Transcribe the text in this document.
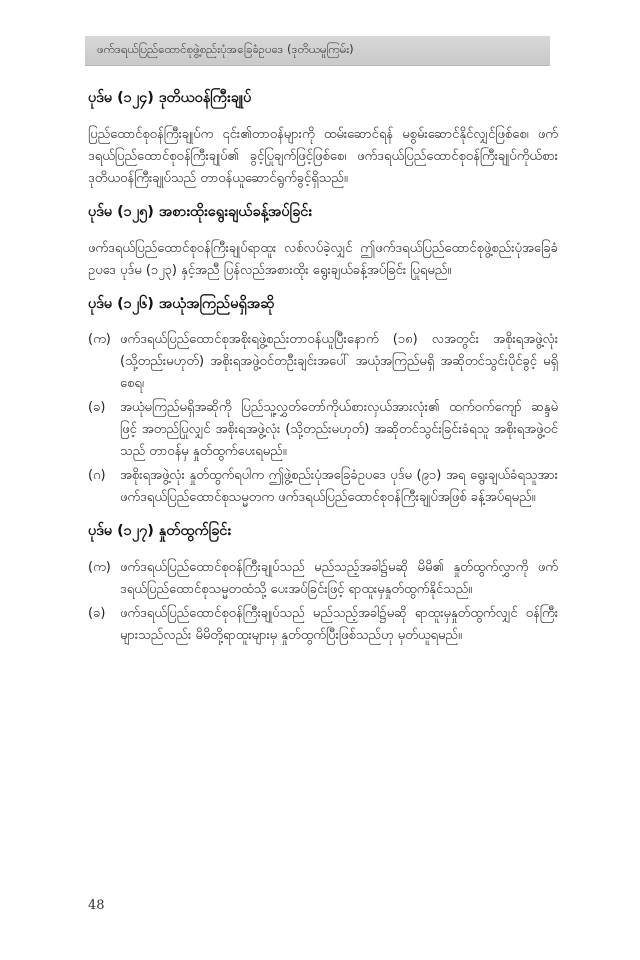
ဖက်ဒရယ်ပြည်ထောင်စုဖွဲ့စည်းပုံအခြေခံဥပဒေ (ဒုတိယမူကြမ်း)
ပုဒ်မ (၁၂၄) ဒုတိယဝန်ကြီးချုပ်

ပြည်ထောင်စုဝန်ကြီးချုပ်က ၎င်း၏တာဝန်များကို ထမ်းဆောင်ရန် မစွမ်းဆောင်နိုင်လျှင်ဖြစ်စေ၊ ဖက်ဒရယ်ပြည်ထောင်စုဝန်ကြီးချုပ်၏ ခွင့်ပြုချက်ဖြင့်ဖြစ်စေ၊ ဖက်ဒရယ်ပြည်ထောင်စုဝန်ကြီးချုပ်ကိုယ်စား ဒုတိယဝန်ကြီးချုပ်သည် တာဝန်ယူဆောင်ရွက်ခွင့်ရှိသည်။

ပုဒ်မ (၁၂၅) အစားထိုးရွေးချယ်ခန့်အပ်ခြင်း

ဖက်ဒရယ်ပြည်ထောင်စုဝန်ကြီးချုပ်ရာထူး လစ်လပ်ခဲ့လျှင် ဤဖက်ဒရယ်ပြည်ထောင်စုဖွဲ့စည်းပုံအခြေခံဥပဒေ ပုဒ်မ (၁၂၃) နှင့်အညီ ပြန်လည်အစားထိုး ရွေးချယ်ခန့်အပ်ခြင်း ပြုရမည်။

ပုဒ်မ (၁၂၆) အယုံအကြည်မရှိအဆို
(က) ဖက်ဒရယ်ပြည်ထောင်စုအစိုးရဖွဲ့စည်းတာဝန်ယူပြီးနောက် (၁၈) လအတွင်း အစိုးရအဖွဲ့လုံး (သို့တည်းမဟုတ်) အစိုးရအဖွဲ့ဝင်တဦးချင်းအပေါ် အယုံအကြည်မရှိ အဆိုတင်သွင်းပိုင်ခွင့် မရှိစေရ၊
(ခ)	အယုံမကြည်မရှိအဆိုကို ပြည်သူ့လွှတ်တော်ကိုယ်စားလှယ်အားလုံး၏ ထက်ဝက်ကျော် ဆန္ဒမဲဖြင့် အတည်ပြုလျှင် အစိုးရအဖွဲ့လုံး (သို့တည်းမဟုတ်) အဆိုတင်သွင်းခြင်းခံရသူ အစိုးရအဖွဲ့ဝင်သည် တာဝန်မှ နှုတ်ထွက်ပေးရမည်။
(ဂ)	အစိုးရအဖွဲ့လုံး နှုတ်ထွက်ရပါက ဤဖွဲ့စည်းပုံအခြေခံဥပဒေ ပုဒ်မ (၉၁) အရ ရွေးချယ်ခံရသူအား ဖက်ဒရယ်ပြည်ထောင်စုသမ္မတက ဖက်ဒရယ်ပြည်ထောင်စုဝန်ကြီးချုပ်အဖြစ် ခန့်အပ်ရမည်။
ပုဒ်မ (၁၂၇) နှုတ်ထွက်ခြင်း
(က) ဖက်ဒရယ်ပြည်ထောင်စုဝန်ကြီးချုပ်သည် မည်သည့်အခါ၌မဆို မိမိ၏ နှုတ်ထွက်လွှာကို ဖက်ဒရယ်ပြည်ထောင်စုသမ္မတထံသို့ ပေးအပ်ခြင်းဖြင့် ရာထူးမှနှုတ်ထွက်နိုင်သည်။
(ခ)	ဖက်ဒရယ်ပြည်ထောင်စုဝန်ကြီးချုပ်သည် မည်သည့်အခါ၌မဆို ရာထူးမှနှုတ်ထွက်လျှင် ဝန်ကြီးများသည်လည်း မိမိတို့ရာထူးများမှ နှုတ်ထွက်ပြီးဖြစ်သည်ဟု မှတ်ယူရမည်။
48
